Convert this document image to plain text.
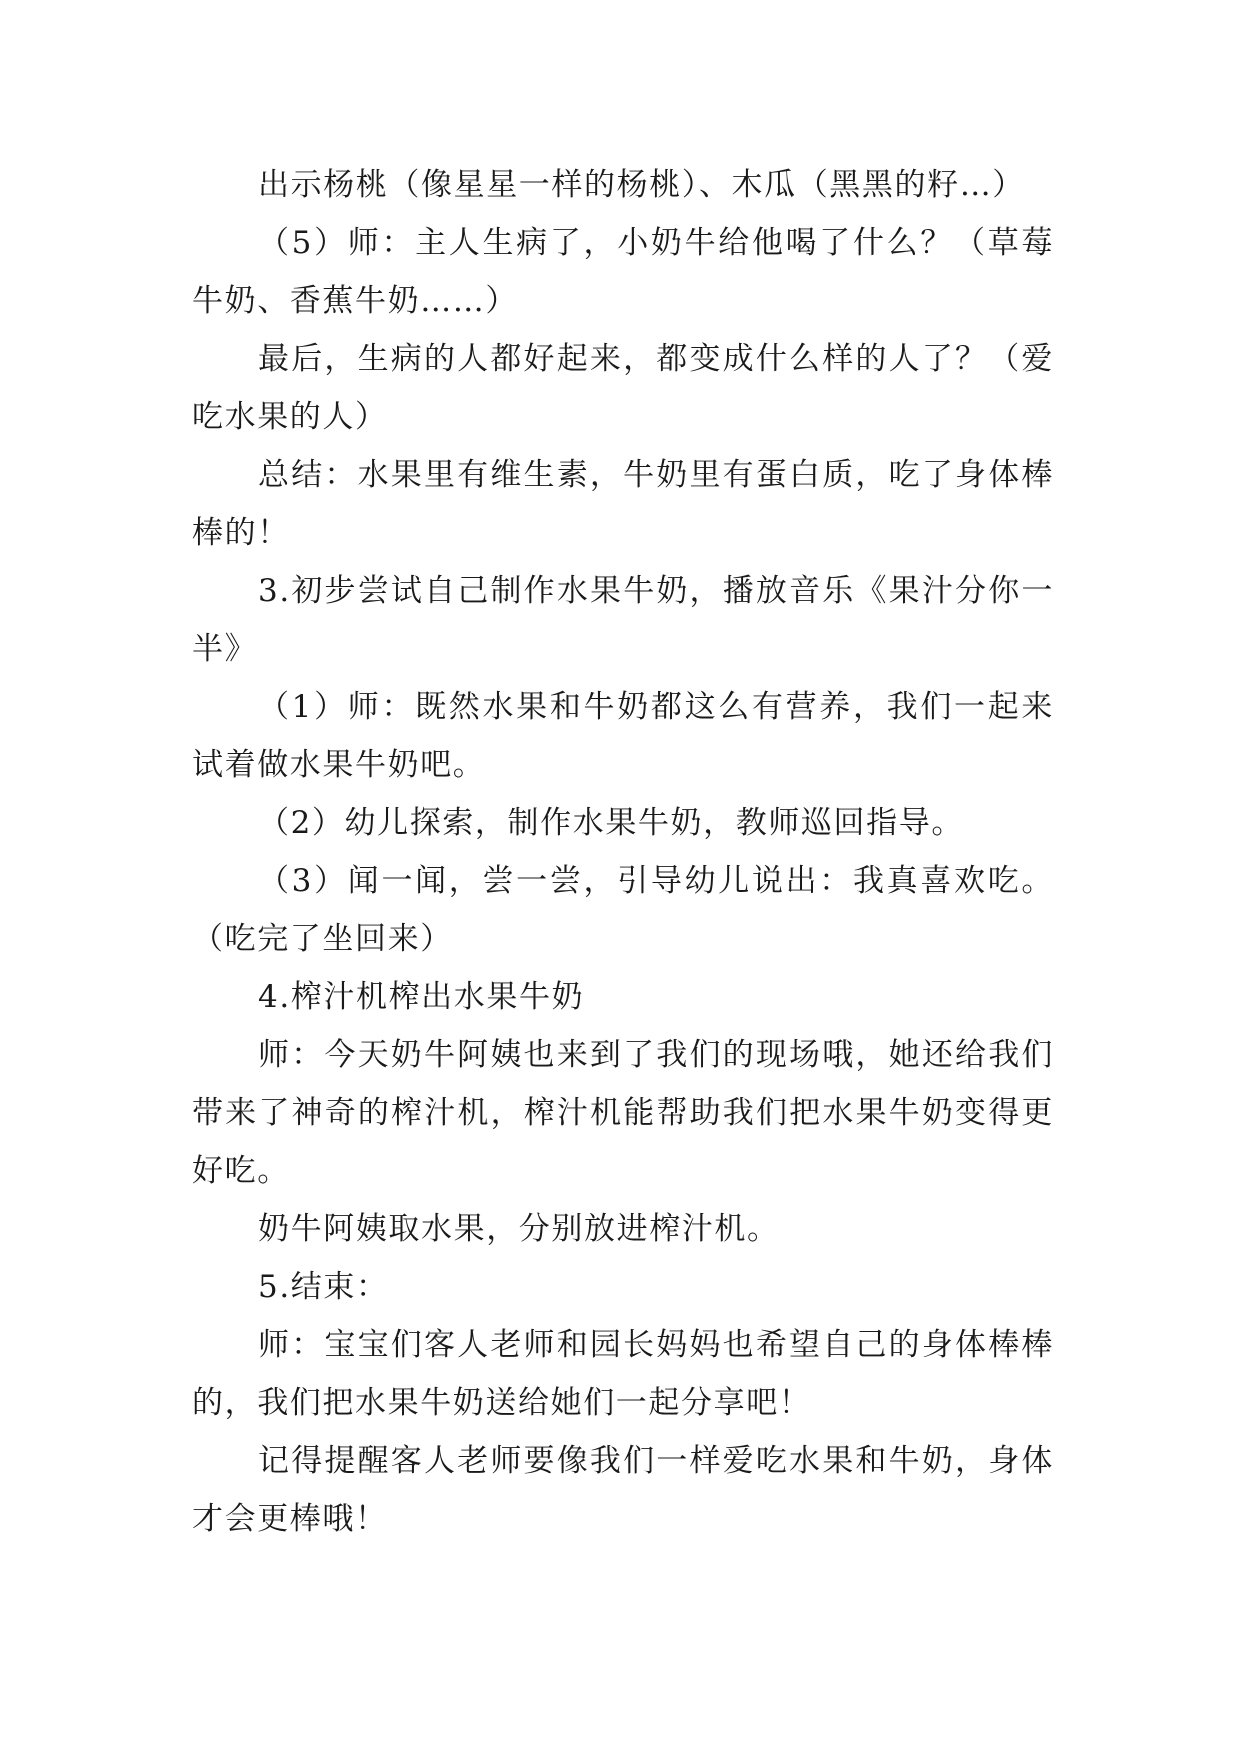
出示杨桃（像星星一样的杨桃）、木瓜（黑黑的籽…）

（5）师：主人生病了，小奶牛给他喝了什么？（草莓牛奶、香蕉牛奶……）

最后，生病的人都好起来，都变成什么样的人了？（爱吃水果的人）

总结：水果里有维生素，牛奶里有蛋白质，吃了身体棒棒的！

3.初步尝试自己制作水果牛奶，播放音乐《果汁分你一半》

（1）师：既然水果和牛奶都这么有营养，我们一起来试着做水果牛奶吧。

（2）幼儿探索，制作水果牛奶，教师巡回指导。

（3）闻一闻，尝一尝，引导幼儿说出：我真喜欢吃。（吃完了坐回来）

4.榨汁机榨出水果牛奶

师：今天奶牛阿姨也来到了我们的现场哦，她还给我们带来了神奇的榨汁机，榨汁机能帮助我们把水果牛奶变得更好吃。

奶牛阿姨取水果，分别放进榨汁机。

5.结束：

师：宝宝们客人老师和园长妈妈也希望自己的身体棒棒的，我们把水果牛奶送给她们一起分享吧！

记得提醒客人老师要像我们一样爱吃水果和牛奶，身体才会更棒哦！
